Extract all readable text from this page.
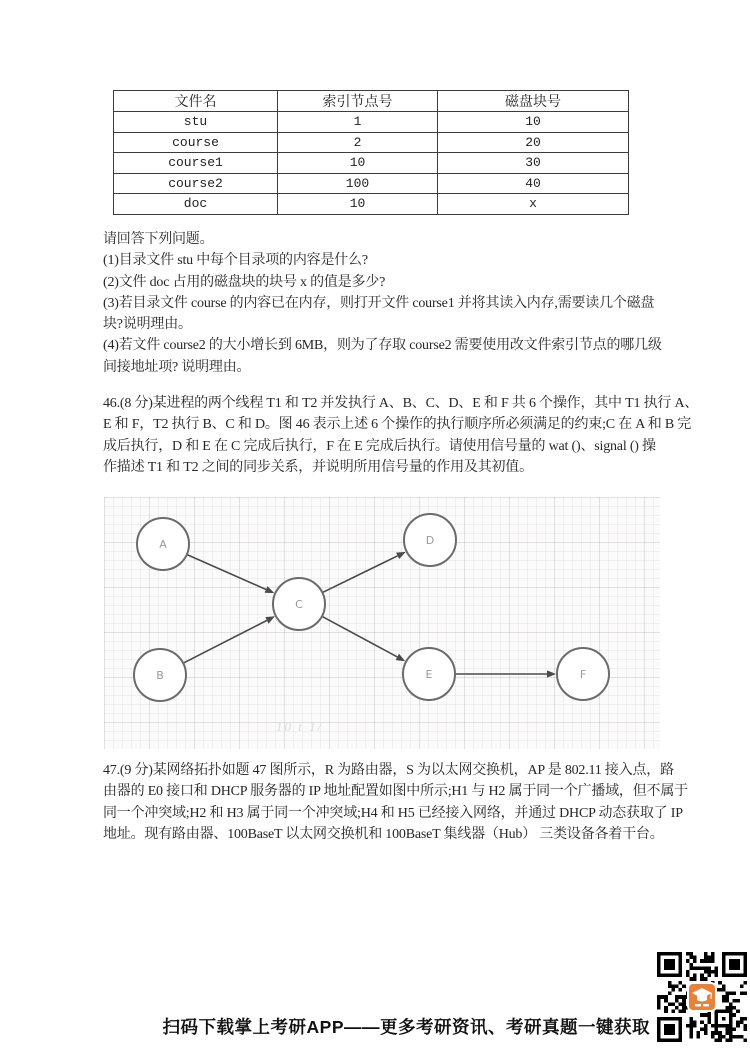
文件名	索引节点号	磁盘块号
stu	1	10
course	2	20
course1	10	30
course2	100	40
doc	10	x
请回答下列问题。
(1)目录文件 stu 中每个目录项的内容是什么?
(2)文件 doc 占用的磁盘块的块号 x 的值是多少?
(3)若目录文件 course 的内容已在内存，则打开文件 course1 并将其读入内存,需要读几个磁盘
块?说明理由。
(4)若文件 course2 的大小增长到 6MB，则为了存取 course2 需要使用改文件索引节点的哪几级
间接地址项? 说明理由。
46.(8 分)某进程的两个线程 T1 和 T2 并发执行 A、B、C、D、E 和 F 共 6 个操作，其中 T1 执行 A、
E 和 F，T2 执行 B、C 和 D。图 46 表示上述 6 个操作的执行顺序所必须满足的约束;C 在 A 和 B 完
成后执行，D 和 E 在 C 完成后执行，F 在 E 完成后执行。请使用信号量的 wat ()、signal () 操
作描述 T1 和 T2 之间的同步关系，并说明所用信号量的作用及其初值。
A
B
C
D
E	F
10 t 1/
47.(9 分)某网络拓扑如题 47 图所示，R 为路由器，S 为以太网交换机，AP 是 802.11 接入点，路
由器的 E0 接口和 DHCP 服务器的 IP 地址配置如图中所示;H1 与 H2 属于同一个广播域，但不属于
同一个冲突域;H2 和 H3 属于同一个冲突域;H4 和 H5 已经接入网络，并通过 DHCP 动态获取了 IP
地址。现有路由器、100BaseT 以太网交换机和 100BaseT 集线器（Hub） 三类设备各着干台。
扫码下载掌上考研APP——更多考研资讯、考研真题一键获取
